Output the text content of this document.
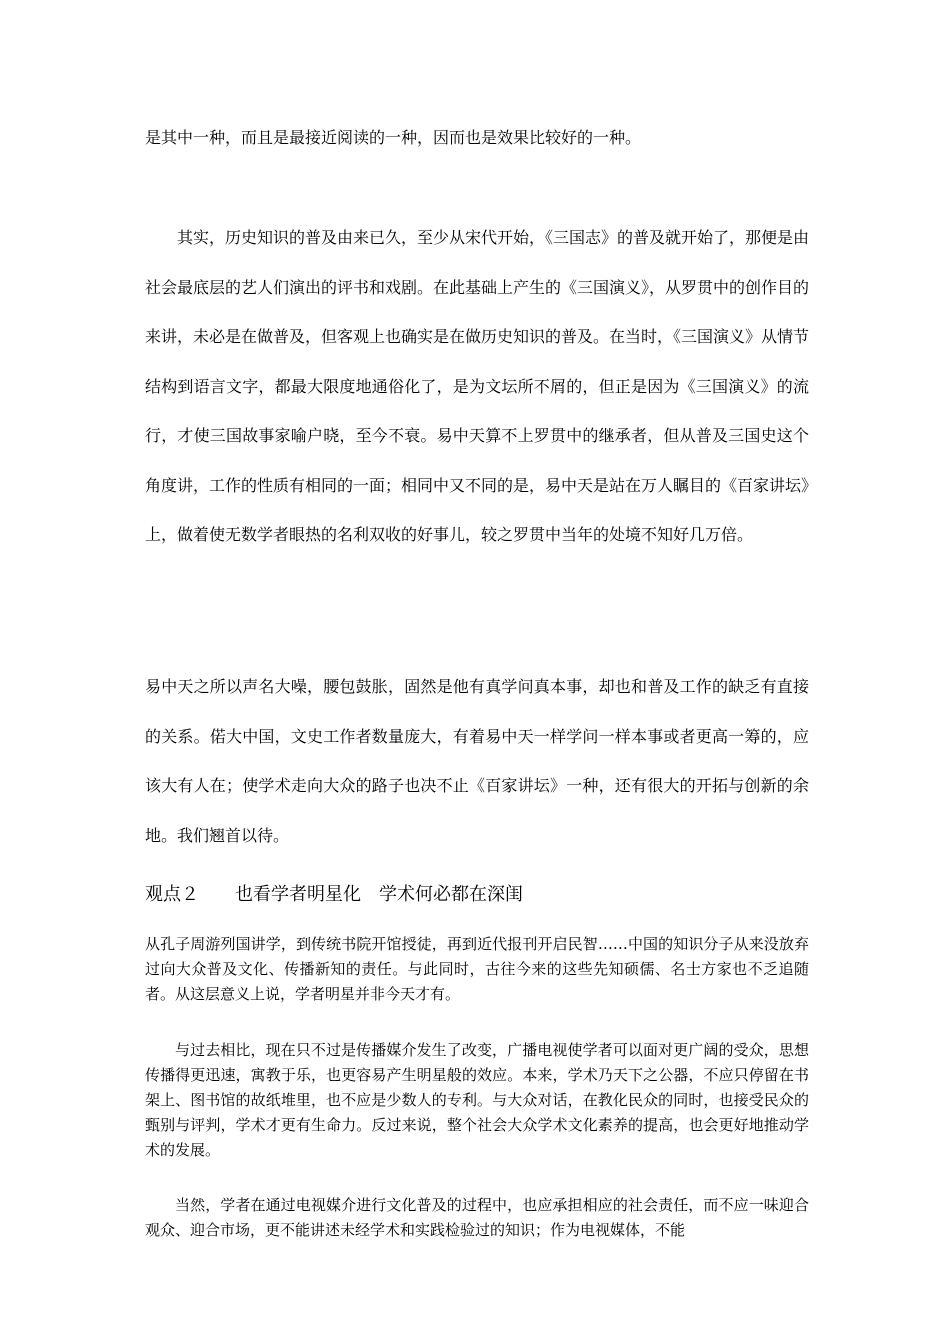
是其中一种，而且是最接近阅读的一种，因而也是效果比较好的一种。

其实，历史知识的普及由来已久，至少从宋代开始，《三国志》的普及就开始了，那便是由社会最底层的艺人们演出的评书和戏剧。在此基础上产生的《三国演义》，从罗贯中的创作目的来讲，未必是在做普及，但客观上也确实是在做历史知识的普及。在当时，《三国演义》从情节结构到语言文字，都最大限度地通俗化了，是为文坛所不屑的，但正是因为《三国演义》的流行，才使三国故事家喻户晓，至今不衰。易中天算不上罗贯中的继承者，但从普及三国史这个角度讲，工作的性质有相同的一面；相同中又不同的是，易中天是站在万人瞩目的《百家讲坛》上，做着使无数学者眼热的名利双收的好事儿，较之罗贯中当年的处境不知好几万倍。

易中天之所以声名大噪，腰包鼓胀，固然是他有真学问真本事，却也和普及工作的缺乏有直接的关系。偌大中国，文史工作者数量庞大，有着易中天一样学问一样本事或者更高一筹的，应该大有人在；使学术走向大众的路子也决不止《百家讲坛》一种，还有很大的开拓与创新的余地。我们翘首以待。

观点２　　也看学者明星化　学术何必都在深闺

从孔子周游列国讲学，到传统书院开馆授徒，再到近代报刊开启民智……中国的知识分子从来没放弃过向大众普及文化、传播新知的责任。与此同时，古往今来的这些先知硕儒、名士方家也不乏追随者。从这层意义上说，学者明星并非今天才有。

与过去相比，现在只不过是传播媒介发生了改变，广播电视使学者可以面对更广阔的受众，思想传播得更迅速，寓教于乐，也更容易产生明星般的效应。本来，学术乃天下之公器，不应只停留在书架上、图书馆的故纸堆里，也不应是少数人的专利。与大众对话，在教化民众的同时，也接受民众的甄别与评判，学术才更有生命力。反过来说，整个社会大众学术文化素养的提高，也会更好地推动学术的发展。

当然，学者在通过电视媒介进行文化普及的过程中，也应承担相应的社会责任，而不应一味迎合观众、迎合市场，更不能讲述未经学术和实践检验过的知识；作为电视媒体，不能
